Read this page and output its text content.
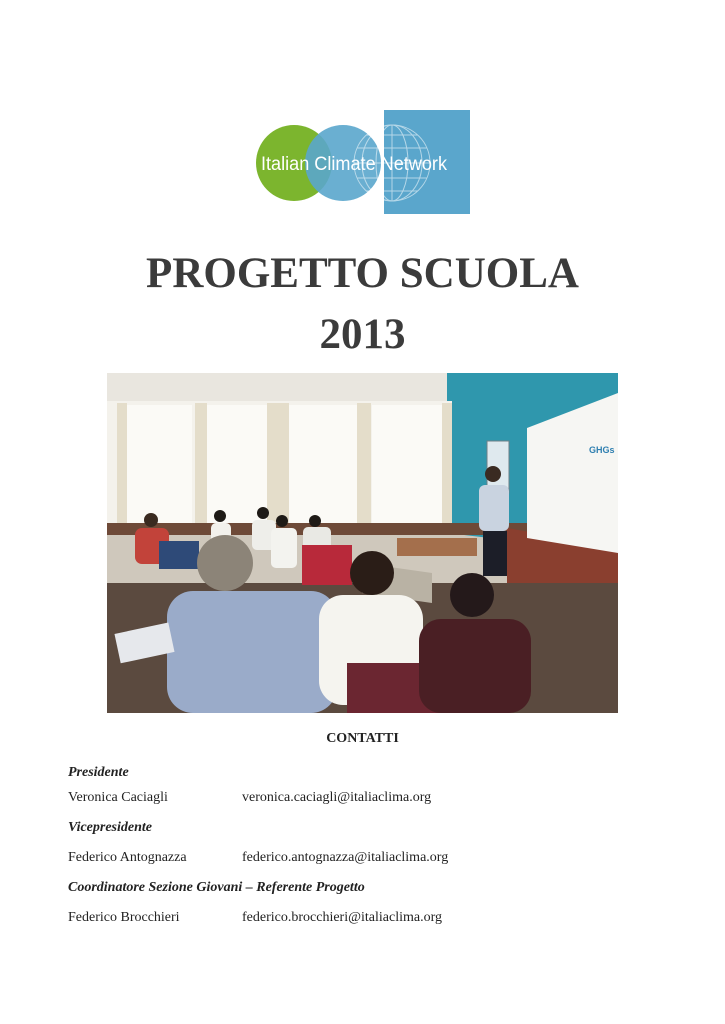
Italian Climate Network
PROGETTO SCUOLA
2013
GHGs
CONTATTI
Presidente
Veronica Caciagli	veronica.caciagli@italiaclima.org
Vicepresidente
Federico Antognazza	federico.antognazza@italiaclima.org
Coordinatore Sezione Giovani – Referente Progetto
Federico Brocchieri	federico.brocchieri@italiaclima.org
